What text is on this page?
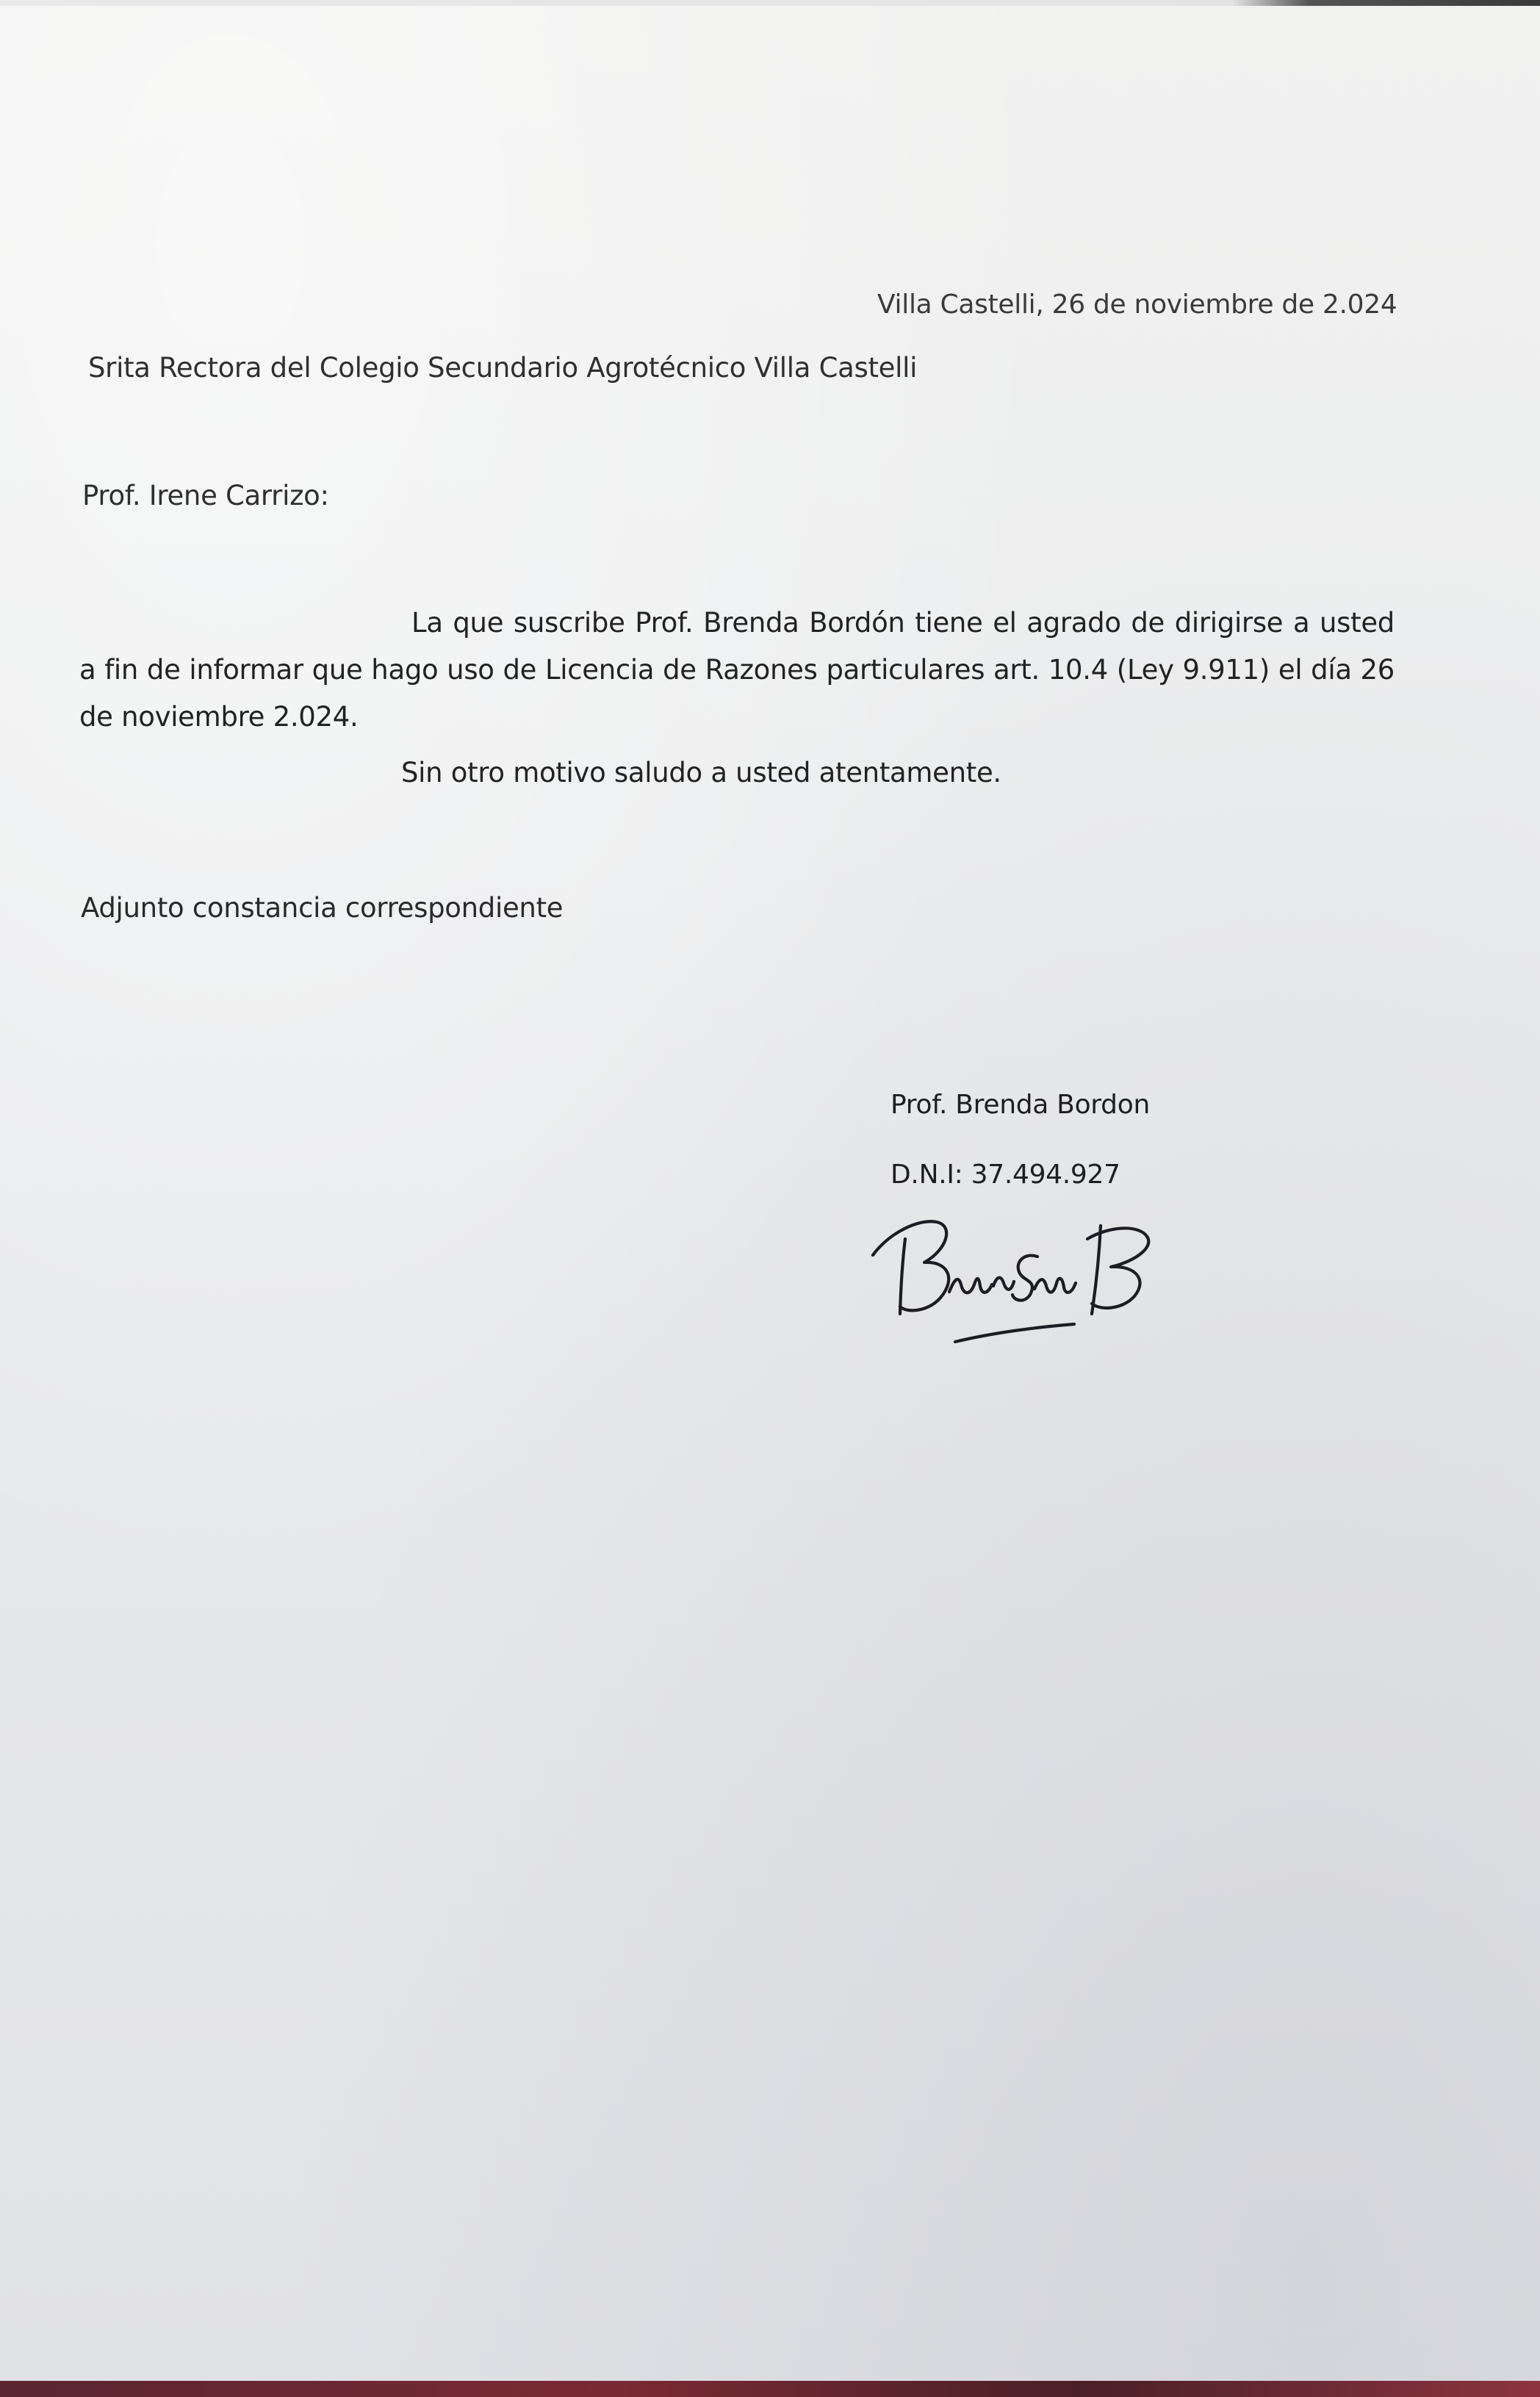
Villa Castelli, 26 de noviembre de 2.024
Srita Rectora del Colegio Secundario Agrotécnico Villa Castelli
Prof. Irene Carrizo:
La que suscribe Prof. Brenda Bordón tiene el agrado de dirigirse a usted a fin de informar que hago uso de Licencia de Razones particulares art. 10.4 (Ley 9.911) el día 26 de noviembre 2.024.
Sin otro motivo saludo a usted atentamente.
Adjunto constancia correspondiente
Prof. Brenda Bordon
D.N.I: 37.494.927
